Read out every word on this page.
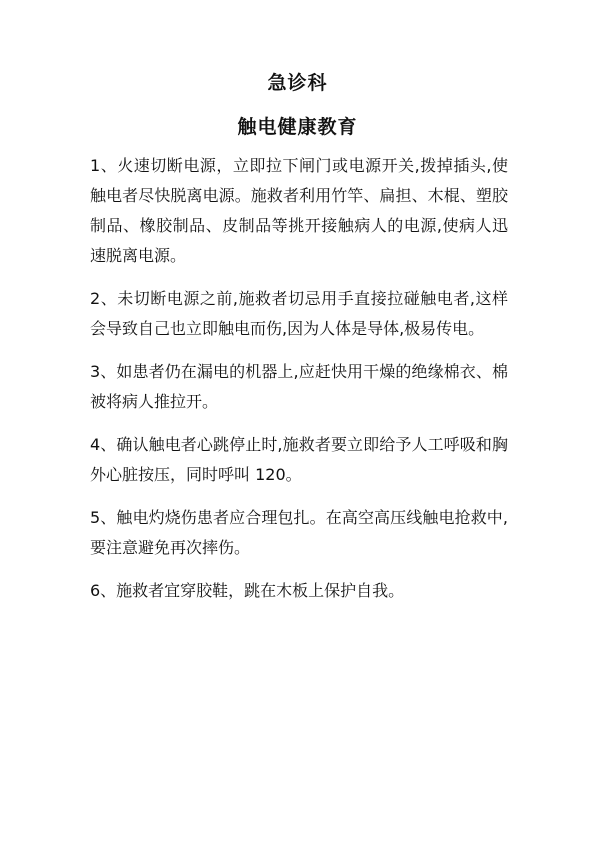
急诊科
触电健康教育

1、火速切断电源，立即拉下闸门或电源开关,拨掉插头,使触电者尽快脱离电源。施救者利用竹竿、扁担、木棍、塑胶制品、橡胶制品、皮制品等挑开接触病人的电源,使病人迅速脱离电源。

2、未切断电源之前,施救者切忌用手直接拉碰触电者,这样会导致自己也立即触电而伤,因为人体是导体,极易传电。

3、如患者仍在漏电的机器上,应赶快用干燥的绝缘棉衣、棉被将病人推拉开。

4、确认触电者心跳停止时,施救者要立即给予人工呼吸和胸外心脏按压，同时呼叫 120。

5、触电灼烧伤患者应合理包扎。在高空高压线触电抢救中,要注意避免再次摔伤。

6、施救者宜穿胶鞋，跳在木板上保护自我。
